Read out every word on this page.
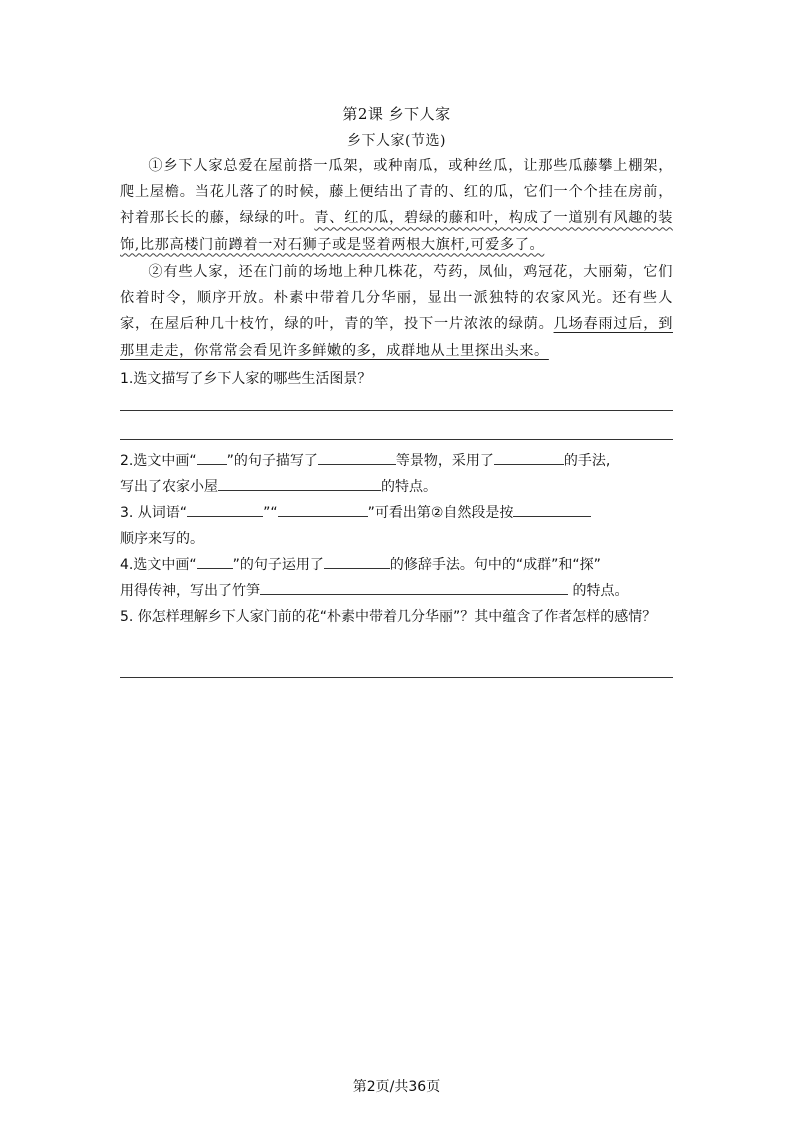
第2课 乡下人家
乡下人家(节选)

①乡下人家总爱在屋前搭一瓜架，或种南瓜，或种丝瓜，让那些瓜藤攀上棚架，爬上屋檐。当花儿落了的时候，藤上便结出了青的、红的瓜，它们一个个挂在房前，衬着那长长的藤，绿绿的叶。青、红的瓜，碧绿的藤和叶，构成了一道别有风趣的装饰,比那高楼门前蹲着一对石狮子或是竖着两根大旗杆,可爱多了。

②有些人家，还在门前的场地上种几株花，芍药，凤仙，鸡冠花，大丽菊，它们依着时令，顺序开放。朴素中带着几分华丽，显出一派独特的农家风光。还有些人家，在屋后种几十枝竹，绿的叶，青的竿，投下一片浓浓的绿荫。几场春雨过后，到那里走走，你常常会看见许多鲜嫩的多，成群地从土里探出头来。

1.选文描写了乡下人家的哪些生活图景？

2.选文中画“ ”的句子描写了	等景物，采用了	的手法,
写出了农家小屋	的特点。

3. 从词语“	”“	”可看出第②自然段是按
顺序来写的。

4.选文中画“	”的句子运用了	的修辞手法。句中的“成群”和“探”
用得传神，写出了竹笋	的特点。

5. 你怎样理解乡下人家门前的花“朴素中带着几分华丽”？其中蕴含了作者怎样的感情？

第2页/共36页
